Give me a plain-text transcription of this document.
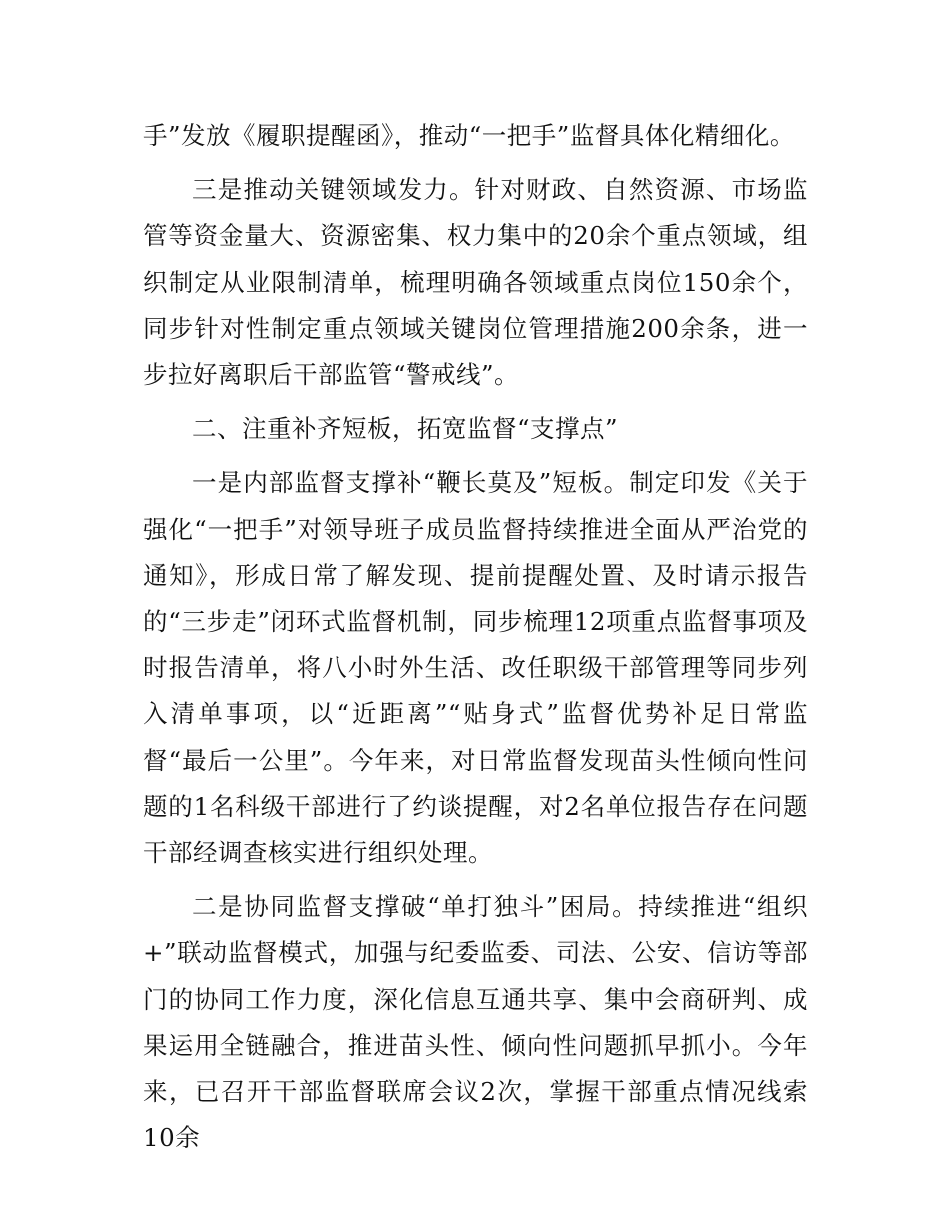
手”发放《履职提醒函》，推动“一把手”监督具体化精细化。

三是推动关键领域发力。针对财政、自然资源、市场监管等资金量大、资源密集、权力集中的20余个重点领域，组织制定从业限制清单，梳理明确各领域重点岗位150余个，同步针对性制定重点领域关键岗位管理措施200余条，进一步拉好离职后干部监管“警戒线”。

二、注重补齐短板，拓宽监督“支撑点”

一是内部监督支撑补“鞭长莫及”短板。制定印发《关于强化“一把手”对领导班子成员监督持续推进全面从严治党的通知》，形成日常了解发现、提前提醒处置、及时请示报告的“三步走”闭环式监督机制，同步梳理12项重点监督事项及时报告清单，将八小时外生活、改任职级干部管理等同步列入清单事项，以“近距离”“贴身式”监督优势补足日常监督“最后一公里”。今年来，对日常监督发现苗头性倾向性问题的1名科级干部进行了约谈提醒，对2名单位报告存在问题干部经调查核实进行组织处理。

二是协同监督支撑破“单打独斗”困局。持续推进“组织+”联动监督模式，加强与纪委监委、司法、公安、信访等部门的协同工作力度，深化信息互通共享、集中会商研判、成果运用全链融合，推进苗头性、倾向性问题抓早抓小。今年来，已召开干部监督联席会议2次，掌握干部重点情况线索10余
